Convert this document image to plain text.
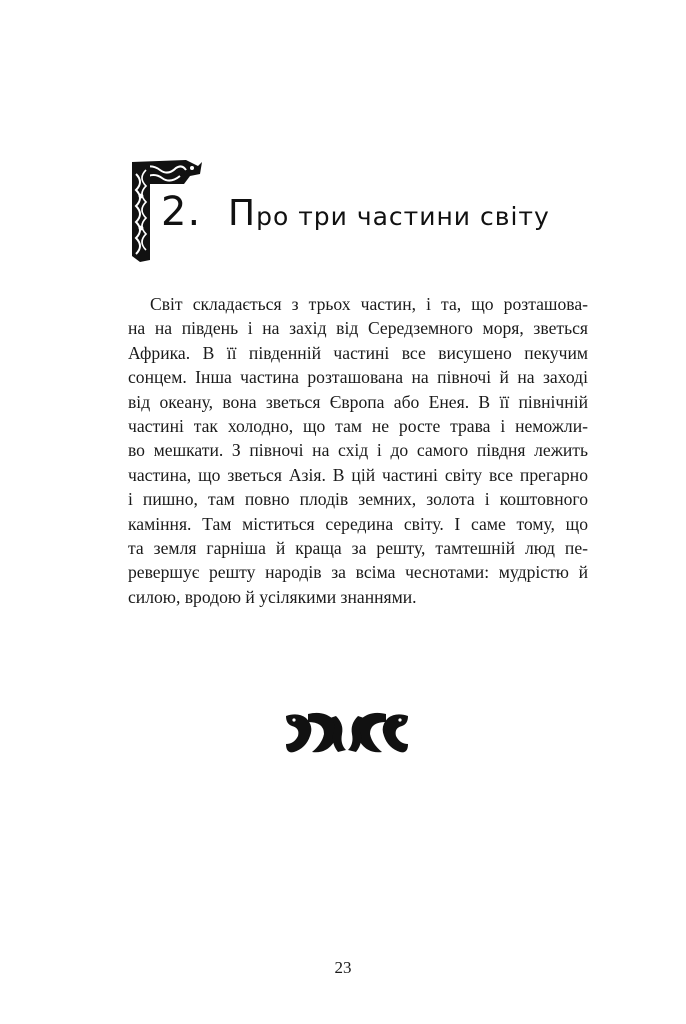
2. Про три частини світу
Світ складається з трьох частин, і та, що розташова-
на на південь і на захід від Середземного моря, зветься
Африка. В її південній частині все висушено пекучим
сонцем. Інша частина розташована на півночі й на заході
від океану, вона зветься Європа або Енея. В її північній
частині так холодно, що там не росте трава і неможли-
во мешкати. З півночі на схід і до самого півдня лежить
частина, що зветься Азія. В цій частині світу все прегарно
і пишно, там повно плодів земних, золота і коштовного
каміння. Там міститься середина світу. І саме тому, що
та земля гарніша й краща за решту, тамтешній люд пе-
ревершує решту народів за всіма чеснотами: мудрістю й
силою, вродою й усілякими знаннями.
23
